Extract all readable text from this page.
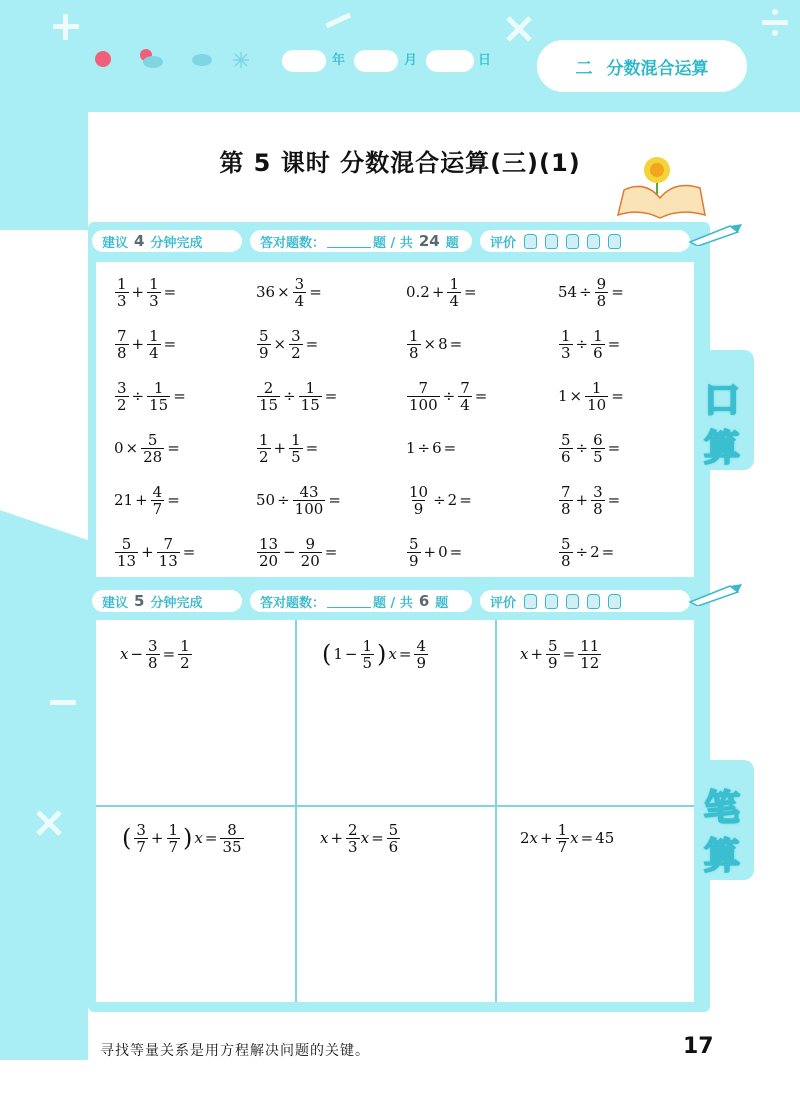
年	月	日	二 分数混合运算
第 5 课时 分数混合运算(三)(1)
建议 4 分钟完成	答对题数：	题 / 共 24 题 评价
$\frac{1}{3} + \frac{1}{3}$ =	$36 \times \frac{3}{4}$ =	$0.2 + \frac{1}{4}$ =	$54 \div \frac{9}{8}$ =
$\frac{7}{8} + \frac{1}{4}$ =	$\frac{5}{9} \times \frac{3}{2}$ =	$\frac{1}{8} \times 8$ =	$\frac{1}{3} \div \frac{1}{6}$ =
$\frac{3}{2} \div \frac{1}{15}$ =	$\frac{2}{15} \div \frac{1}{15}$ =	$\frac{7}{100} \div \frac{7}{4}$ =	$1 \times \frac{1}{10}$ =
$0 \times \frac{5}{28}$ =	$\frac{1}{2} + \frac{1}{5}$ =	1 ÷ 6 =	$\frac{5}{6} \div \frac{6}{5}$ =
$21 + \frac{4}{7}$ =	$50 \div \frac{43}{100}$ =	$\frac{10}{9} \div 2$ =	$\frac{7}{8} + \frac{3}{8}$ =
$\frac{5}{13} + \frac{7}{13}$ =	$\frac{13}{20} - \frac{9}{20}$ =	$\frac{5}{9} + 0$ =	$\frac{5}{8} \div 2$ =
口
算
建议 5 分钟完成	答对题数：	题 / 共 6 题	评价
$x - \frac{3}{8} = \frac{1}{2}$	( $1 - \frac{1}{5}$ ) $x = \frac{4}{9}$	$x + \frac{5}{9} = \frac{11}{12}$
( $\frac{3}{7} + \frac{1}{7}$ ) $x = \frac{8}{35}$	$x + \frac{2}{3}$ $x = \frac{5}{6}$	2 $x + \frac{1}{7}$ x = 45
笔
算
寻找等量关系是用方程解决问题的关键。	17
